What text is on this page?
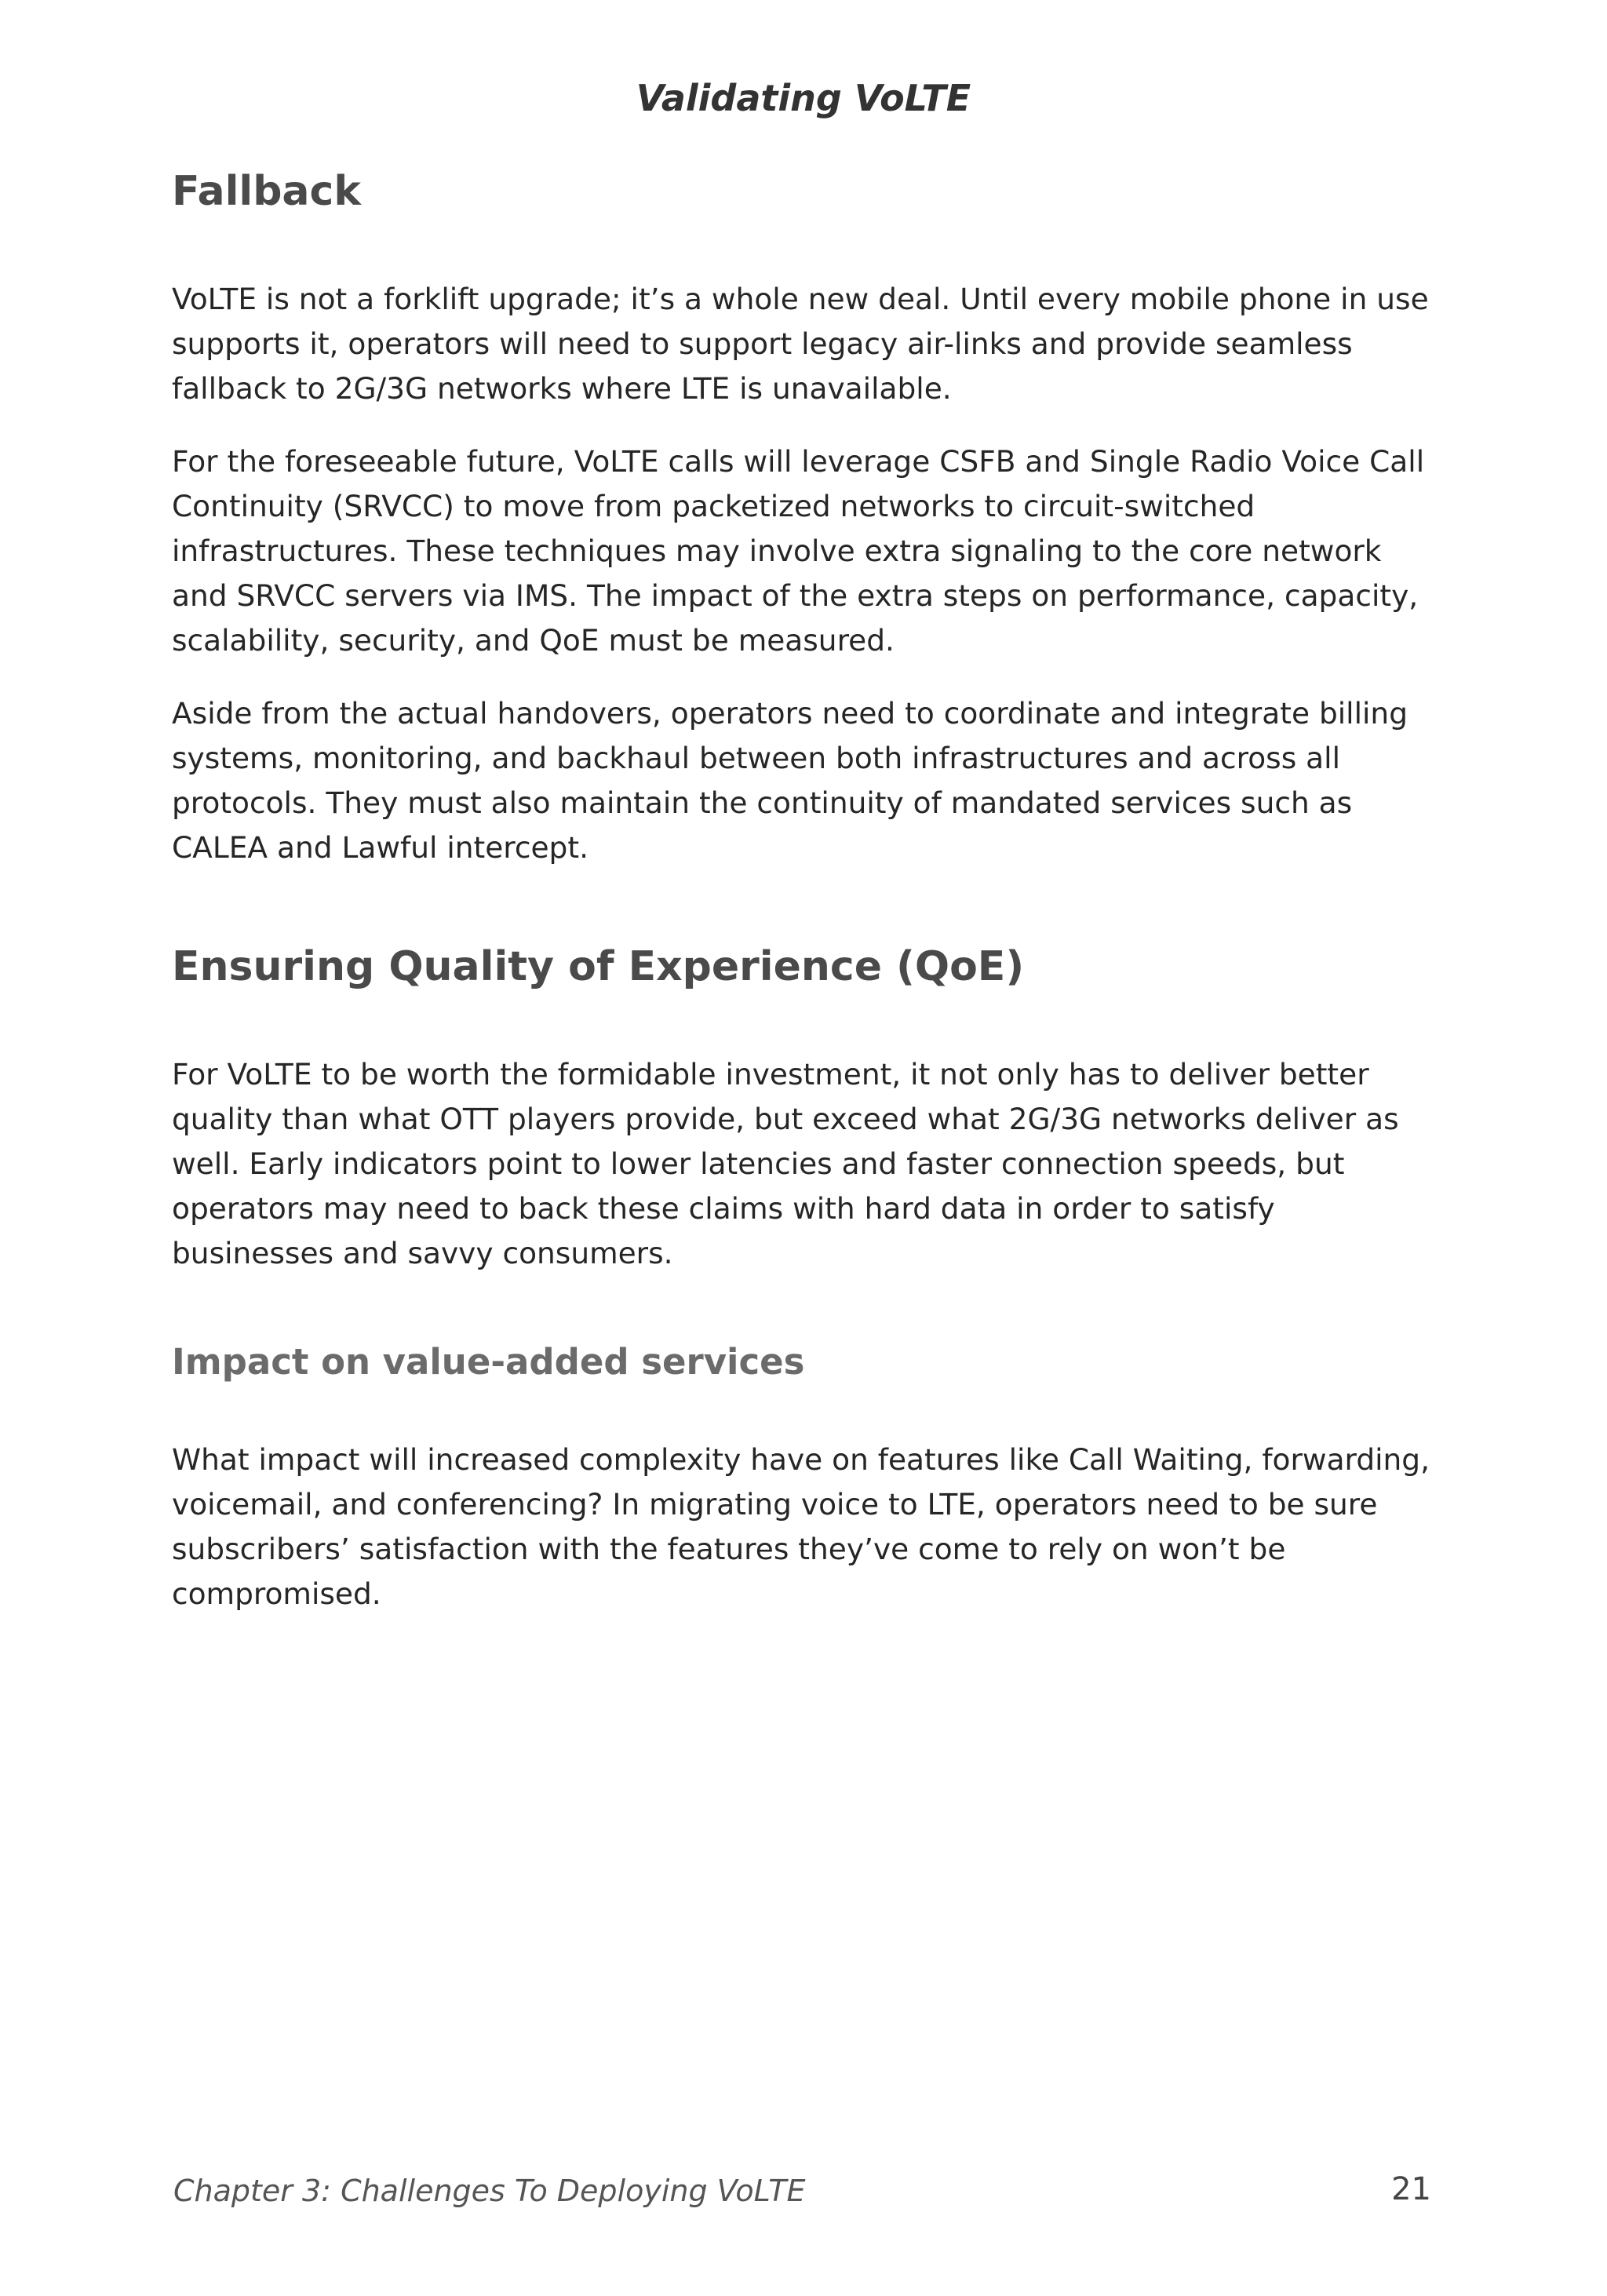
Validating VoLTE

Fallback

VoLTE is not a forklift upgrade; it’s a whole new deal. Until every mobile phone in use supports it, operators will need to support legacy air-links and provide seamless fallback to 2G/3G networks where LTE is unavailable.

For the foreseeable future, VoLTE calls will leverage CSFB and Single Radio Voice Call Continuity (SRVCC) to move from packetized networks to circuit-switched infrastructures. These techniques may involve extra signaling to the core network and SRVCC servers via IMS. The impact of the extra steps on performance, capacity, scalability, security, and QoE must be measured.

Aside from the actual handovers, operators need to coordinate and integrate billing systems, monitoring, and backhaul between both infrastructures and across all protocols. They must also maintain the continuity of mandated services such as CALEA and Lawful intercept.

Ensuring Quality of Experience (QoE)

For VoLTE to be worth the formidable investment, it not only has to deliver better quality than what OTT players provide, but exceed what 2G/3G networks deliver as well. Early indicators point to lower latencies and faster connection speeds, but operators may need to back these claims with hard data in order to satisfy businesses and savvy consumers.

Impact on value-added services

What impact will increased complexity have on features like Call Waiting, forwarding, voicemail, and conferencing? In migrating voice to LTE, operators need to be sure subscribers’ satisfaction with the features they’ve come to rely on won’t be compromised.

Chapter 3: Challenges To Deploying VoLTE	21
